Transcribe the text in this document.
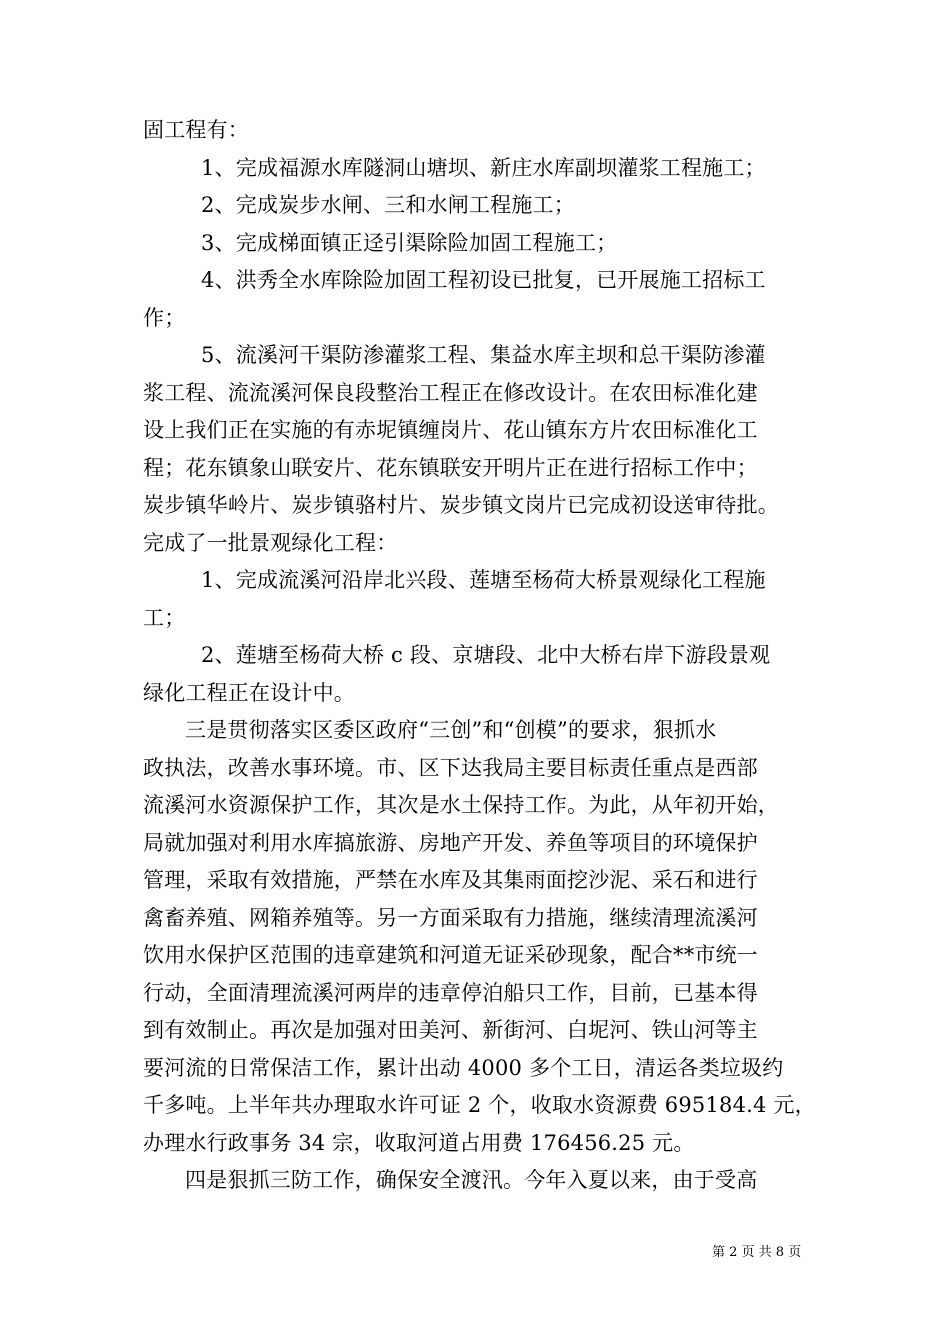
固工程有：
1、完成福源水库隧洞山塘坝、新庄水库副坝灌浆工程施工；
2、完成炭步水闸、三和水闸工程施工；
3、完成梯面镇正迳引渠除险加固工程施工；
4、洪秀全水库除险加固工程初设已批复，已开展施工招标工
作；
5、流溪河干渠防渗灌浆工程、集益水库主坝和总干渠防渗灌
浆工程、流流溪河保良段整治工程正在修改设计。在农田标准化建
设上我们正在实施的有赤坭镇缠岗片、花山镇东方片农田标准化工
程；花东镇象山联安片、花东镇联安开明片正在进行招标工作中；
炭步镇华岭片、炭步镇骆村片、炭步镇文岗片已完成初设送审待批。
完成了一批景观绿化工程：
1、完成流溪河沿岸北兴段、莲塘至杨荷大桥景观绿化工程施
工；
2、莲塘至杨荷大桥 c 段、京塘段、北中大桥右岸下游段景观
绿化工程正在设计中。
三是贯彻落实区委区政府“三创”和“创模”的要求，狠抓水
政执法，改善水事环境。市、区下达我局主要目标责任重点是西部
流溪河水资源保护工作，其次是水土保持工作。为此，从年初开始，
局就加强对利用水库搞旅游、房地产开发、养鱼等项目的环境保护
管理，采取有效措施，严禁在水库及其集雨面挖沙泥、采石和进行
禽畜养殖、网箱养殖等。另一方面采取有力措施，继续清理流溪河
饮用水保护区范围的违章建筑和河道无证采砂现象，配合**市统一
行动，全面清理流溪河两岸的违章停泊船只工作，目前，已基本得
到有效制止。再次是加强对田美河、新街河、白坭河、铁山河等主
要河流的日常保洁工作，累计出动 4000 多个工日，清运各类垃圾约
千多吨。上半年共办理取水许可证 2 个，收取水资源费 695184.4 元，
办理水行政事务 34 宗，收取河道占用费 176456.25 元。
四是狠抓三防工作，确保安全渡汛。今年入夏以来，由于受高
第 2 页 共 8 页
